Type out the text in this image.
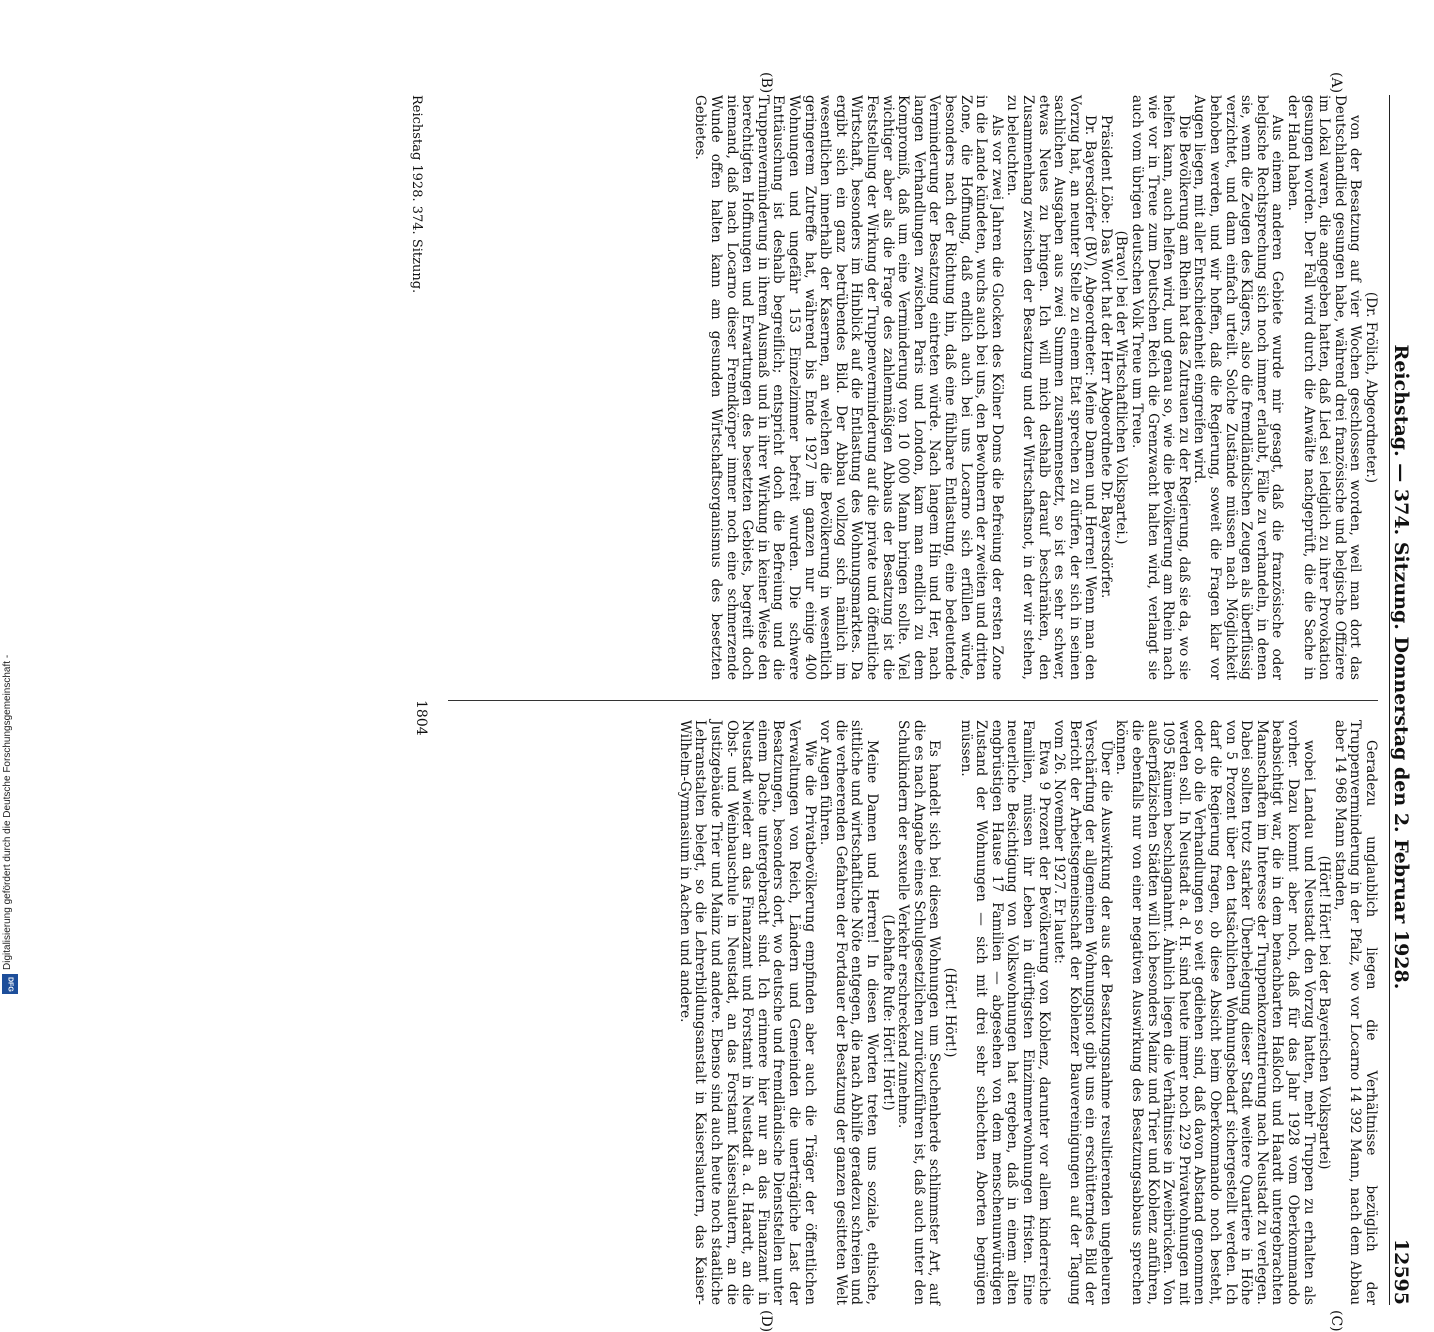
Reichstag. — 374. Sitzung. Donnerstag den 2. Februar 1928.
12595
(A)
(B)
(C)
(D)

(Dr. Frölich, Abgeordneter.)

von der Besatzung auf vier Wochen geschlossen worden, weil man dort das Deutschlandlied gesungen habe, während drei französische und belgische Offiziere im Lokal waren, die angegeben hatten, daß Lied sei lediglich zu ihrer Provokation gesungen worden. Der Fall wird durch die Anwälte nachgeprüft, die die Sache in der Hand haben.

Aus einem anderen Gebiete wurde mir gesagt, daß die französische oder belgische Rechtsprechung sich noch immer erlaubt, Fälle zu verhandeln, in denen sie, wenn die Zeugen des Klägers, also die fremdländischen Zeugen als überflüssig verzichtet, und dann einfach urteilt. Solche Zustände müssen nach Möglichkeit behoben werden, und wir hoffen, daß die Regierung, soweit die Fragen klar vor Augen liegen, mit aller Entschiedenheit eingreifen wird.

Die Bevölkerung am Rhein hat das Zutrauen zu der Regierung, daß sie da, wo sie helfen kann, auch helfen wird, und genau so, wie die Bevölkerung am Rhein nach wie vor in Treue zum Deutschen Reich die Grenzwacht halten wird, verlangt sie auch vom übrigen deutschen Volk Treue um Treue.

(Bravo! bei der Wirtschaftlichen Volkspartei.)

Präsident Löbe: Das Wort hat der Herr Abgeordnete Dr. Bayersdörfer.

Dr. Bayersdörfer (BV), Abgeordneter: Meine Damen und Herren! Wenn man den Vorzug hat, an neunter Stelle zu einem Etat sprechen zu dürfen, der sich in seinen sachlichen Ausgaben aus zwei Summen zusammensetzt, so ist es sehr schwer, etwas Neues zu bringen. Ich will mich deshalb darauf beschränken, den Zusammenhang zwischen der Besatzung und der Wirtschaftsnot, in der wir stehen, zu beleuchten.

Als vor zwei Jahren die Glocken des Kölner Doms die Befreiung der ersten Zone in die Lande kündeten, wuchs auch bei uns, den Bewohnern der zweiten und dritten Zone, die Hoffnung, daß endlich auch bei uns Locarno sich erfüllen würde, besonders nach der Richtung hin, daß eine fühlbare Entlastung, eine bedeutende Verminderung der Besatzung eintreten würde. Nach langem Hin und Her, nach langen Verhandlungen zwischen Paris und London, kam man endlich zu dem Kompromiß, daß um eine Verminderung von 10 000 Mann bringen sollte. Viel wichtiger aber als die Frage des zahlenmäßigen Abbaus der Besatzung ist die Feststellung der Wirkung der Truppenverminderung auf die private und öffentliche Wirtschaft, besonders im Hinblick auf die Entlastung des Wohnungsmarktes. Da ergibt sich ein ganz betrübendes Bild. Der Abbau vollzog sich nämlich im wesentlichen innerhalb der Kasernen, an welchen die Bevölkerung in wesentlich geringerem Zutreffe hat, während bis Ende 1927 im ganzen nur einige 400 Wohnungen und ungefähr 153 Einzelzimmer befreit wurden. Die schwere Enttäuschung ist deshalb begreiflich; entspricht doch die Befreiung und die Truppenverminderung in ihrem Ausmaß und in ihrer Wirkung in keiner Weise den berechtigten Hoffnungen und Erwartungen des besetzten Gebiets, begreift doch niemand, daß nach Locarno dieser Fremdkörper immer noch eine schmerzende Wunde offen halten kann am gesunden Wirtschaftsorganismus des besetzten Gebietes.

Geradezu unglaublich liegen die Verhältnisse bezüglich der Truppenverminderung in der Pfalz, wo vor Locarno 14 392 Mann, nach dem Abbau aber 14 968 Mann standen,

(Hört! Hört! bei der Bayerischen Volkspartei)

wobei Landau und Neustadt den Vorzug hatten, mehr Truppen zu erhalten als vorher. Dazu kommt aber noch, daß für das Jahr 1928 vom Oberkommando beabsichtigt war, die in dem benachbarten Haßloch und Haardt untergebrachten Mannschaften im Interesse der Truppenkonzentrierung nach Neustadt zu verlegen. Dabei sollten trotz starker Überbelegung dieser Stadt weitere Quartiere in Höhe von 5 Prozent über den tatsächlichen Wohnungsbedarf sichergestellt werden. Ich darf die Regierung fragen, ob diese Absicht beim Oberkommando noch besteht, oder ob die Verhandlungen so weit gediehen sind, daß davon Abstand genommen werden soll. In Neustadt a. d. H. sind heute immer noch 229 Privatwohnungen mit 1095 Räumen beschlagnahmt. Ähnlich liegen die Verhältnisse in Zweibrücken. Von außerpfälzischen Städten will ich besonders Mainz und Trier und Koblenz anführen, die ebenfalls nur von einer negativen Auswirkung des Besatzungsabbaus sprechen können.

Über die Auswirkung der aus der Besatzungsnahme resultierenden ungeheuren Verschärfung der allgemeinen Wohnungsnot gibt uns ein erschütterndes Bild der Bericht der Arbeitsgemeinschaft der Koblenzer Bauvereinigungen auf der Tagung vom 26. November 1927. Er lautet:

Etwa 9 Prozent der Bevölkerung von Koblenz, darunter vor allem kinderreiche Familien, müssen ihr Leben in dürftigsten Einzimmerwohnungen fristen. Eine neuerliche Besichtigung von Volkswohnungen hat ergeben, daß in einem alten engbrüstigen Hause 17 Familien — abgesehen von dem menschenunwürdigen Zustand der Wohnungen — sich mit drei sehr schlechten Aborten begnügen müssen.

(Hört! Hört!)

Es handelt sich bei diesen Wohnungen um Seuchenherde schlimmster Art, auf die es nach Angabe eines Schulgesetzlichen zurückzuführen ist, daß auch unter den Schulkindern der sexuelle Verkehr erschreckend zunehme.

(Lebhafte Rufe: Hört! Hört!)

Meine Damen und Herren! In diesen Worten treten uns soziale, ethische, sittliche und wirtschaftliche Nöte entgegen, die nach Abhilfe geradezu schreien und die verheerenden Gefahren der Fortdauer der Besatzung der ganzen gesitteten Welt vor Augen führen.

Wie die Privatbevölkerung empfinden aber auch die Träger der öffentlichen Verwaltungen von Reich, Ländern und Gemeinden die unerträgliche Last der Besatzungen, besonders dort, wo deutsche und fremdländische Dienststellen unter einem Dache untergebracht sind. Ich erinnere hier nur an das Finanzamt in Neustadt wieder an das Finanzamt und Forstamt in Neustadt a. d. Haardt, an die Obst- und Weinbauschule in Neustadt, an das Forstamt Kaiserslautern, an die Justizgebäude Trier und Mainz und andere. Ebenso sind auch heute noch staatliche Lehranstalten belegt, so die Lehrerbildungsanstalt in Kaiserslautern, das Kaiser-Wilhelm-Gymnasium in Aachen und andere.

Reichstag 1928. 374. Sitzung.
1804
Digitalisierung gefördert durch die Deutsche Forschungsgemeinschaft -
DFG
